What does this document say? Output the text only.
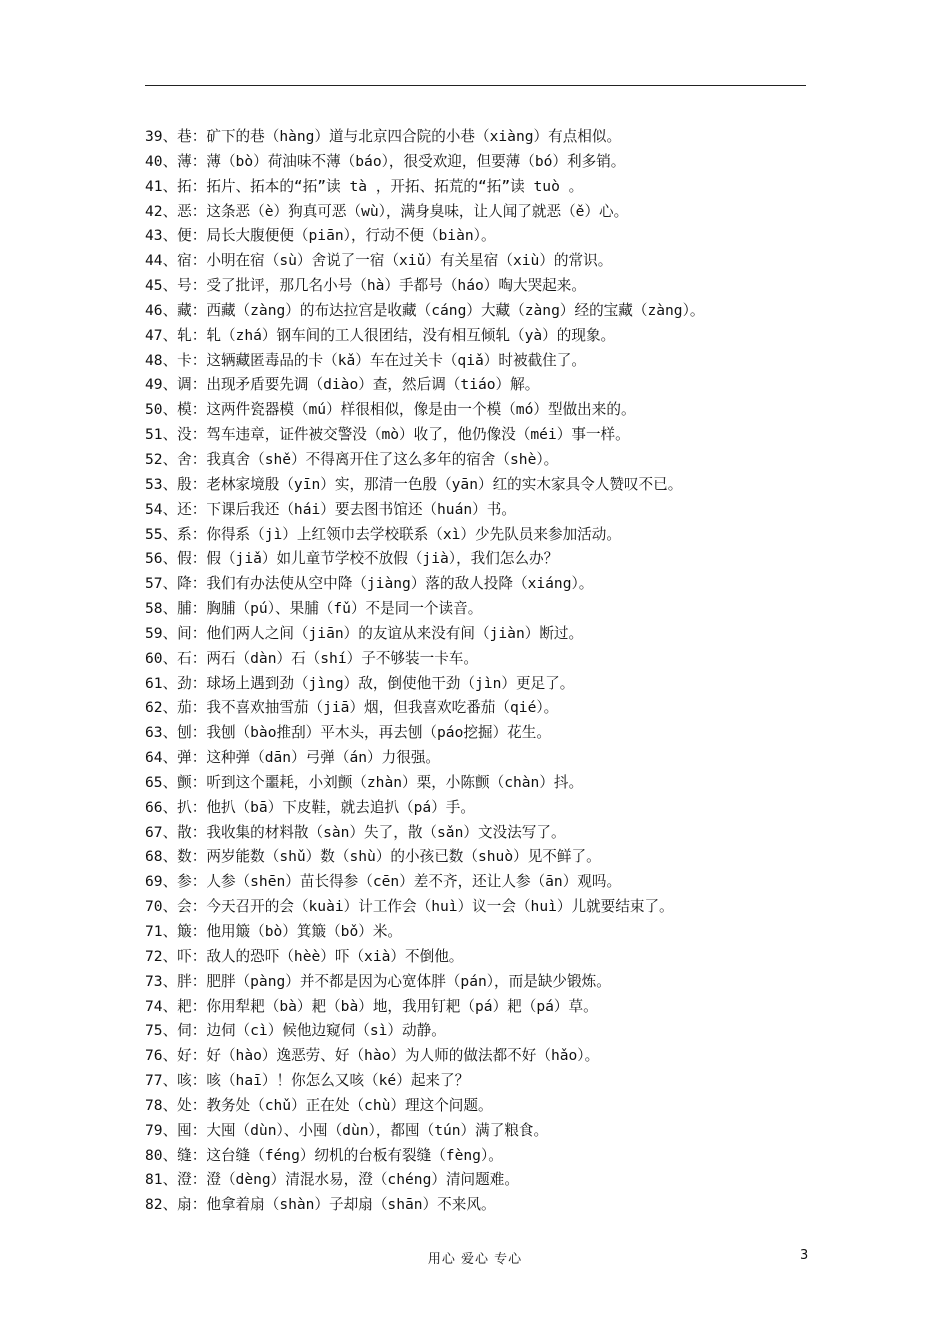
39、巷：矿下的巷（hàng）道与北京四合院的小巷（xiàng）有点相似。
40、薄：薄（bò）荷油味不薄（báo），很受欢迎，但要薄（bó）利多销。
41、拓：拓片、拓本的“拓”读 tà ，开拓、拓荒的“拓”读 tuò 。
42、恶：这条恶（è）狗真可恶（wù），满身臭味，让人闻了就恶（ě）心。
43、便：局长大腹便便（piān），行动不便（biàn）。
44、宿：小明在宿（sù）舍说了一宿（xiǔ）有关星宿（xiù）的常识。
45、号：受了批评，那几名小号（hà）手都号（háo）啕大哭起来。
46、藏：西藏（zàng）的布达拉宫是收藏（cáng）大藏（zàng）经的宝藏（zàng）。
47、轧：轧（zhá）钢车间的工人很团结，没有相互倾轧（yà）的现象。
48、卡：这辆藏匿毒品的卡（kǎ）车在过关卡（qiǎ）时被截住了。
49、调：出现矛盾要先调（diào）查，然后调（tiáo）解。
50、模：这两件瓷器模（mú）样很相似，像是由一个模（mó）型做出来的。
51、没：驾车违章，证件被交警没（mò）收了，他仍像没（méi）事一样。
52、舍：我真舍（shě）不得离开住了这么多年的宿舍（shè）。
53、殷：老林家境殷（yīn）实，那清一色殷（yān）红的实木家具令人赞叹不已。
54、还：下课后我还（hái）要去图书馆还（huán）书。
55、系：你得系（jì）上红领巾去学校联系（xì）少先队员来参加活动。
56、假：假（jiǎ）如儿童节学校不放假（jià），我们怎么办？
57、降：我们有办法使从空中降（jiàng）落的敌人投降（xiáng）。
58、脯：胸脯（pú）、果脯（fǔ）不是同一个读音。
59、间：他们两人之间（jiān）的友谊从来没有间（jiàn）断过。
60、石：两石（dàn）石（shí）子不够装一卡车。
61、劲：球场上遇到劲（jìng）敌，倒使他干劲（jìn）更足了。
62、茄：我不喜欢抽雪茄（jiā）烟，但我喜欢吃番茄（qié）。
63、刨：我刨（bào推刮）平木头，再去刨（páo挖掘）花生。
64、弹：这种弹（dān）弓弹（án）力很强。
65、颤：听到这个噩耗，小刘颤（zhàn）栗，小陈颤（chàn）抖。
66、扒：他扒（bā）下皮鞋，就去追扒（pá）手。
67、散：我收集的材料散（sàn）失了，散（sǎn）文没法写了。
68、数：两岁能数（shǔ）数（shù）的小孩已数（shuò）见不鲜了。
69、参：人参（shēn）苗长得参（cēn）差不齐，还让人参（ān）观吗。
70、会：今天召开的会（kuài）计工作会（huì）议一会（huì）儿就要结束了。
71、簸：他用簸（bò）箕簸（bǒ）米。
72、吓：敌人的恐吓（hèè）吓（xià）不倒他。
73、胖：肥胖（pàng）并不都是因为心宽体胖（pán），而是缺少锻炼。
74、耙：你用犁耙（bà）耙（bà）地，我用钉耙（pá）耙（pá）草。
75、伺：边伺（cì）候他边窥伺（sì）动静。
76、好：好（hào）逸恶劳、好（hào）为人师的做法都不好（hǎo）。
77、咳：咳（haī）！你怎么又咳（ké）起来了？
78、处：教务处（chǔ）正在处（chù）理这个问题。
79、囤：大囤（dùn）、小囤（dùn），都囤（tún）满了粮食。
80、缝：这台缝（féng）纫机的台板有裂缝（fèng）。
81、澄：澄（dèng）清混水易，澄（chéng）清问题难。
82、扇：他拿着扇（shàn）子却扇（shān）不来风。
用心 爱心 专心	3
